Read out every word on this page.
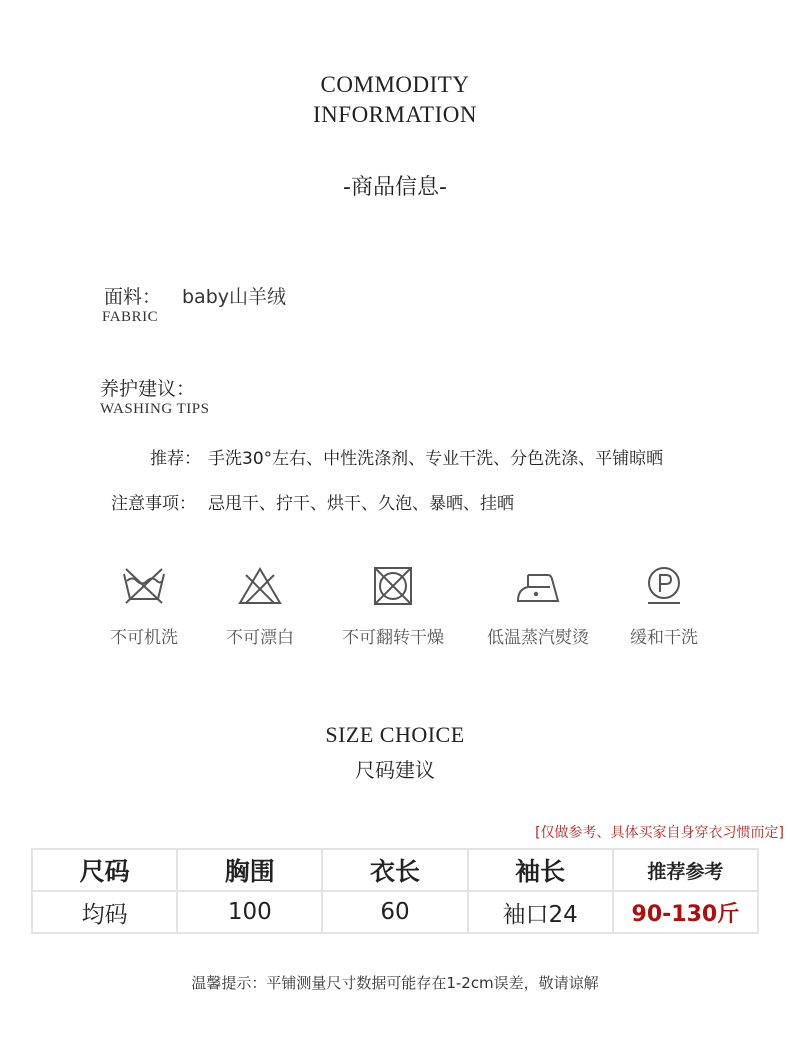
COMMODITY
INFORMATION
-商品信息-
面料： baby山羊绒
FABRIC
养护建议：
WASHING TIPS
推荐： 手洗30°左右、中性洗涤剂、专业干洗、分色洗涤、平铺晾晒
注意事项： 忌甩干、拧干、烘干、久泡、暴晒、挂晒
不可机洗	不可漂白	不可翻转干燥	低温蒸汽熨烫	缓和干洗
SIZE CHOICE
尺码建议
[仅做参考、具体买家自身穿衣习惯而定]
尺码	胸围	衣长	袖长	推荐参考
均码	100	60	袖口24	90-130斤
温馨提示：平铺测量尺寸数据可能存在1-2cm误差，敬请谅解
